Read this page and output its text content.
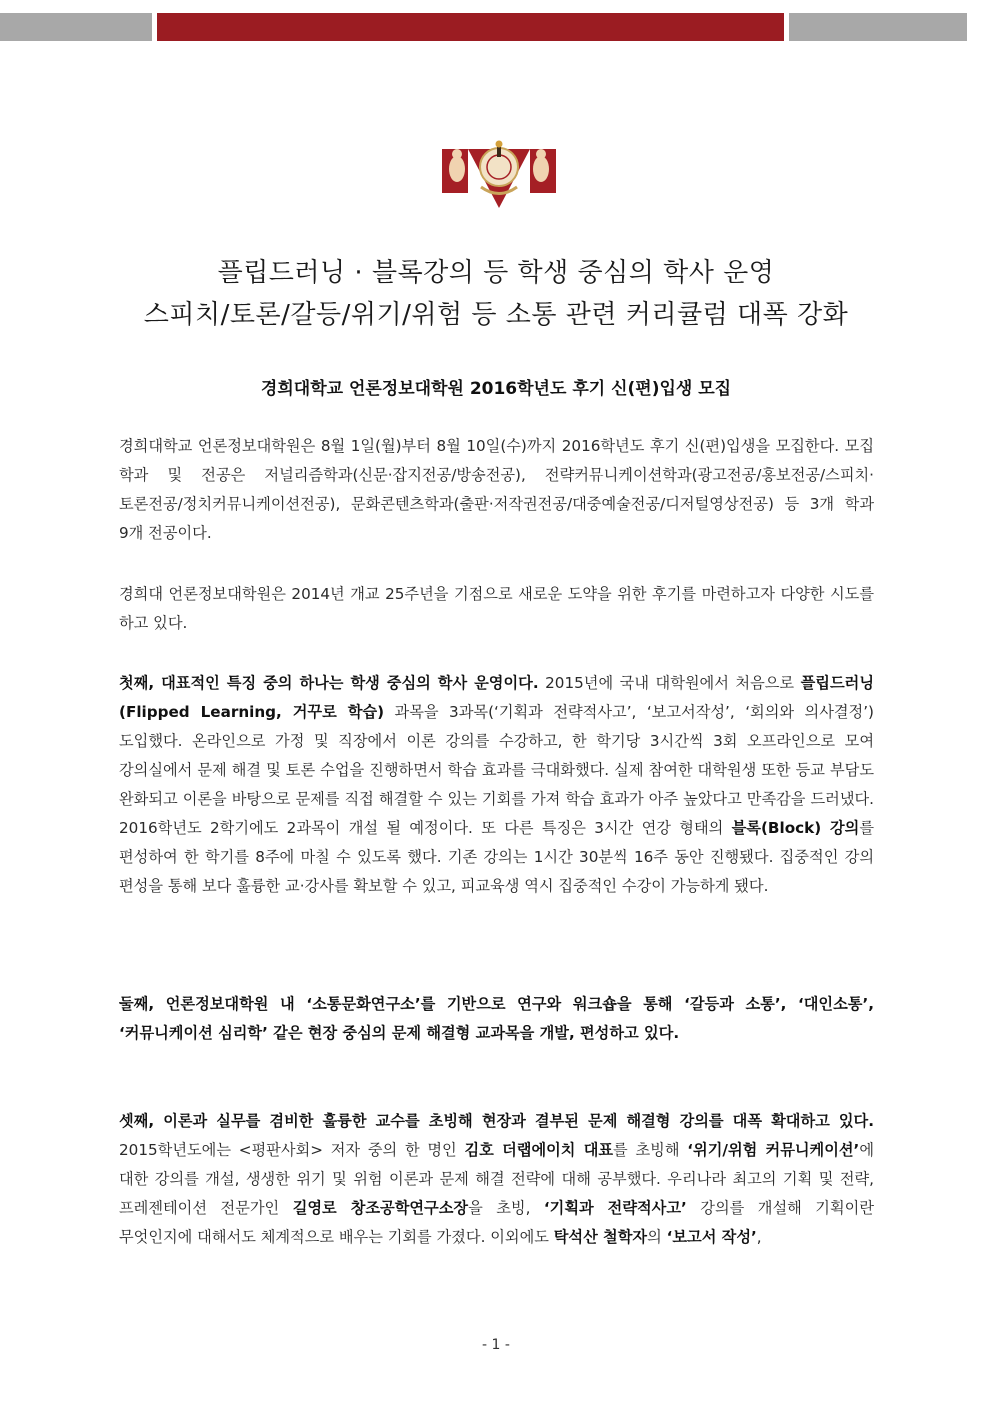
플립드러닝 · 블록강의 등 학생 중심의 학사 운영
스피치/토론/갈등/위기/위험 등 소통 관련 커리큘럼 대폭 강화
경희대학교 언론정보대학원 2016학년도 후기 신(편)입생 모집
경희대학교 언론정보대학원은 8월 1일(월)부터 8월 10일(수)까지 2016학년도 후기 신(편)입생을 모집한다. 모집 학과 및 전공은 저널리즘학과(신문·잡지전공/방송전공), 전략커뮤니케이션학과(광고전공/홍보전공/스피치·토론전공/정치커뮤니케이션전공), 문화콘텐츠학과(출판·저작권전공/대중예술전공/디저털영상전공) 등 3개 학과 9개 전공이다.
경희대 언론정보대학원은 2014년 개교 25주년을 기점으로 새로운 도약을 위한 후기를 마련하고자 다양한 시도를 하고 있다.
첫째, 대표적인 특징 중의 하나는 학생 중심의 학사 운영이다. 2015년에 국내 대학원에서 처음으로 플립드러닝(Flipped Learning, 거꾸로 학습) 과목을 3과목(‘기획과 전략적사고’, ‘보고서작성’, ‘회의와 의사결정’) 도입했다. 온라인으로 가정 및 직장에서 이론 강의를 수강하고, 한 학기당 3시간씩 3회 오프라인으로 모여 강의실에서 문제 해결 및 토론 수업을 진행하면서 학습 효과를 극대화했다. 실제 참여한 대학원생 또한 등교 부담도 완화되고 이론을 바탕으로 문제를 직접 해결할 수 있는 기회를 가져 학습 효과가 아주 높았다고 만족감을 드러냈다. 2016학년도 2학기에도 2과목이 개설 될 예정이다. 또 다른 특징은 3시간 연강 형태의 블록(Block) 강의를 편성하여 한 학기를 8주에 마칠 수 있도록 했다. 기존 강의는 1시간 30분씩 16주 동안 진행됐다. 집중적인 강의 편성을 통해 보다 훌륭한 교·강사를 확보할 수 있고, 피교육생 역시 집중적인 수강이 가능하게 됐다.
둘째, 언론정보대학원 내 ‘소통문화연구소’를 기반으로 연구와 워크숍을 통해 ‘갈등과 소통’, ‘대인소통’, ‘커뮤니케이션 심리학’ 같은 현장 중심의 문제 해결형 교과목을 개발, 편성하고 있다.
셋째, 이론과 실무를 겸비한 훌륭한 교수를 초빙해 현장과 결부된 문제 해결형 강의를 대폭 확대하고 있다. 2015학년도에는 <평판사회> 저자 중의 한 명인 김호 더랩에이치 대표를 초빙해 ‘위기/위험 커뮤니케이션’에 대한 강의를 개설, 생생한 위기 및 위험 이론과 문제 해결 전략에 대해 공부했다. 우리나라 최고의 기획 및 전략, 프레젠테이션 전문가인 길영로 창조공학연구소장을 초빙, ‘기획과 전략적사고’ 강의를 개설해 기획이란 무엇인지에 대해서도 체계적으로 배우는 기회를 가졌다. 이외에도 탁석산 철학자의 ‘보고서 작성’,
- 1 -
